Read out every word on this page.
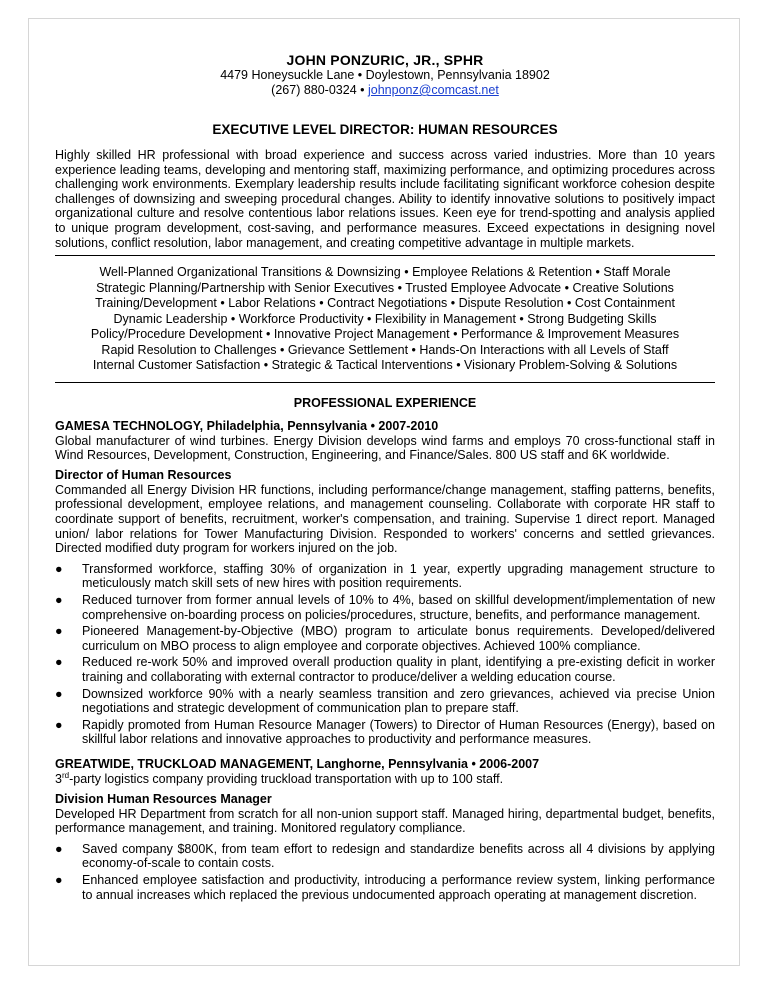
JOHN PONZURIC, JR., SPHR
4479 Honeysuckle Lane • Doylestown, Pennsylvania 18902
(267) 880-0324 • johnponz@comcast.net
EXECUTIVE LEVEL DIRECTOR: HUMAN RESOURCES
Highly skilled HR professional with broad experience and success across varied industries. More than 10 years experience leading teams, developing and mentoring staff, maximizing performance, and optimizing procedures across challenging work environments. Exemplary leadership results include facilitating significant workforce cohesion despite challenges of downsizing and sweeping procedural changes. Ability to identify innovative solutions to positively impact organizational culture and resolve contentious labor relations issues. Keen eye for trend-spotting and analysis applied to unique program development, cost-saving, and performance measures. Exceed expectations in designing novel solutions, conflict resolution, labor management, and creating competitive advantage in multiple markets.
Well-Planned Organizational Transitions & Downsizing • Employee Relations & Retention • Staff Morale
Strategic Planning/Partnership with Senior Executives • Trusted Employee Advocate • Creative Solutions
Training/Development • Labor Relations • Contract Negotiations • Dispute Resolution • Cost Containment
Dynamic Leadership • Workforce Productivity • Flexibility in Management • Strong Budgeting Skills
Policy/Procedure Development • Innovative Project Management • Performance & Improvement Measures
Rapid Resolution to Challenges • Grievance Settlement • Hands-On Interactions with all Levels of Staff
Internal Customer Satisfaction • Strategic & Tactical Interventions • Visionary Problem-Solving & Solutions
PROFESSIONAL EXPERIENCE
GAMESA TECHNOLOGY, Philadelphia, Pennsylvania • 2007-2010
Global manufacturer of wind turbines. Energy Division develops wind farms and employs 70 cross-functional staff in Wind Resources, Development, Construction, Engineering, and Finance/Sales. 800 US staff and 6K worldwide.
Director of Human Resources
Commanded all Energy Division HR functions, including performance/change management, staffing patterns, benefits, professional development, employee relations, and management counseling. Collaborate with corporate HR staff to coordinate support of benefits, recruitment, worker's compensation, and training. Supervise 1 direct report. Managed union/ labor relations for Tower Manufacturing Division. Responded to workers' concerns and settled grievances. Directed modified duty program for workers injured on the job.
● Transformed workforce, staffing 30% of organization in 1 year, expertly upgrading management structure to meticulously match skill sets of new hires with position requirements.
● Reduced turnover from former annual levels of 10% to 4%, based on skillful development/implementation of new comprehensive on-boarding process on policies/procedures, structure, benefits, and performance management.
● Pioneered Management-by-Objective (MBO) program to articulate bonus requirements. Developed/delivered curriculum on MBO process to align employee and corporate objectives. Achieved 100% compliance.
● Reduced re-work 50% and improved overall production quality in plant, identifying a pre-existing deficit in worker training and collaborating with external contractor to produce/deliver a welding education course.
● Downsized workforce 90% with a nearly seamless transition and zero grievances, achieved via precise Union negotiations and strategic development of communication plan to prepare staff.
● Rapidly promoted from Human Resource Manager (Towers) to Director of Human Resources (Energy), based on skillful labor relations and innovative approaches to productivity and performance measures.
GREATWIDE, TRUCKLOAD MANAGEMENT, Langhorne, Pennsylvania • 2006-2007
3rd-party logistics company providing truckload transportation with up to 100 staff.
Division Human Resources Manager
Developed HR Department from scratch for all non-union support staff. Managed hiring, departmental budget, benefits, performance management, and training. Monitored regulatory compliance.
● Saved company $800K, from team effort to redesign and standardize benefits across all 4 divisions by applying economy-of-scale to contain costs.
● Enhanced employee satisfaction and productivity, introducing a performance review system, linking performance to annual increases which replaced the previous undocumented approach operating at management discretion.
